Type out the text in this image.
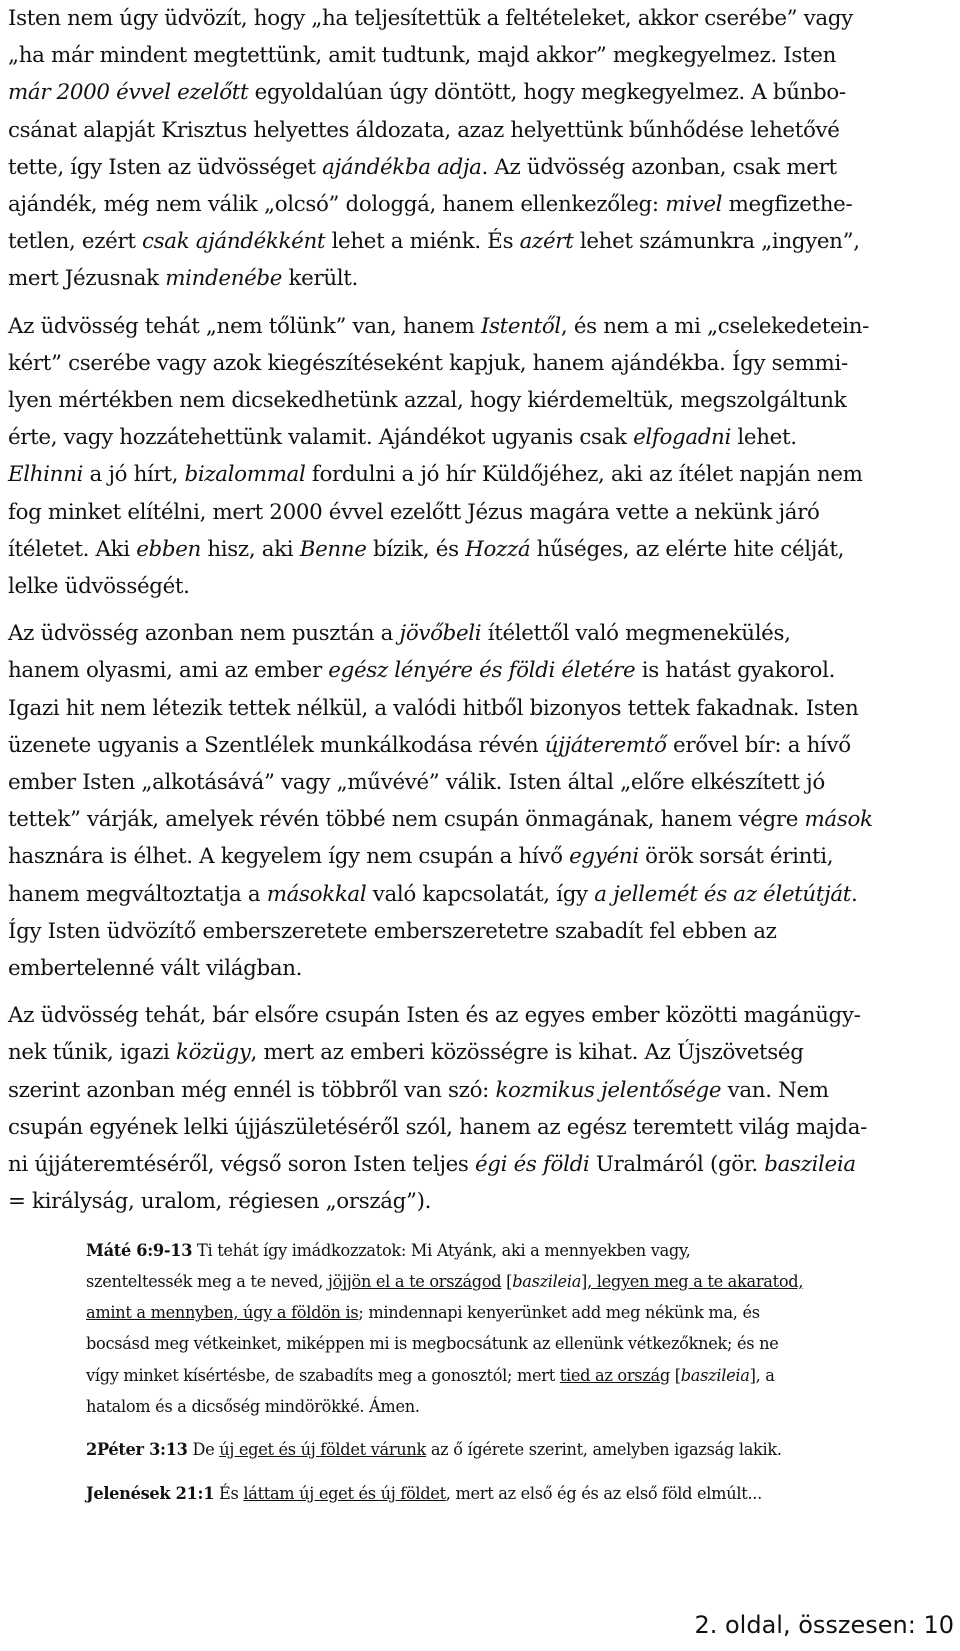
Isten nem úgy üdvözít, hogy „ha teljesítettük a feltételeket, akkor cserébe” vagy
„ha már mindent megtettünk, amit tudtunk, majd akkor” megkegyelmez. Isten
már 2000 évvel ezelőtt egyoldalúan úgy döntött, hogy megkegyelmez. A bűnbo-
csánat alapját Krisztus helyettes áldozata, azaz helyettünk bűnhődése lehetővé
tette, így Isten az üdvösséget ajándékba adja. Az üdvösség azonban, csak mert
ajándék, még nem válik „olcsó” dologgá, hanem ellenkezőleg: mivel megfizethe-
tetlen, ezért csak ajándékként lehet a miénk. És azért lehet számunkra „ingyen”,
mert Jézusnak mindenébe került.

Az üdvösség tehát „nem tőlünk” van, hanem Istentől, és nem a mi „cselekedetein-
kért” cserébe vagy azok kiegészítéseként kapjuk, hanem ajándékba. Így semmi-
lyen mértékben nem dicsekedhetünk azzal, hogy kiérdemeltük, megszolgáltunk
érte, vagy hozzátehettünk valamit. Ajándékot ugyanis csak elfogadni lehet.
Elhinni a jó hírt, bizalommal fordulni a jó hír Küldőjéhez, aki az ítélet napján nem
fog minket elítélni, mert 2000 évvel ezelőtt Jézus magára vette a nekünk járó
ítéletet. Aki ebben hisz, aki Benne bízik, és Hozzá hűséges, az elérte hite célját,
lelke üdvösségét.

Az üdvösség azonban nem pusztán a jövőbeli ítélettől való megmenekülés,
hanem olyasmi, ami az ember egész lényére és földi életére is hatást gyakorol.
Igazi hit nem létezik tettek nélkül, a valódi hitből bizonyos tettek fakadnak. Isten
üzenete ugyanis a Szentlélek munkálkodása révén újjáteremtő erővel bír: a hívő
ember Isten „alkotásává” vagy „művévé” válik. Isten által „előre elkészített jó
tettek” várják, amelyek révén többé nem csupán önmagának, hanem végre mások
hasznára is élhet. A kegyelem így nem csupán a hívő egyéni örök sorsát érinti,
hanem megváltoztatja a másokkal való kapcsolatát, így a jellemét és az életútját.
Így Isten üdvözítő emberszeretete emberszeretetre szabadít fel ebben az
embertelenné vált világban.

Az üdvösség tehát, bár elsőre csupán Isten és az egyes ember közötti magánügy-
nek tűnik, igazi közügy, mert az emberi közösségre is kihat. Az Újszövetség
szerint azonban még ennél is többről van szó: kozmikus jelentősége van. Nem
csupán egyének lelki újjászületéséről szól, hanem az egész teremtett világ majda-
ni újjáteremtéséről, végső soron Isten teljes égi és földi Uralmáról (gör. baszileia
= királyság, uralom, régiesen „ország”).

Máté 6:9-13 Ti tehát így imádkozzatok: Mi Atyánk, aki a mennyekben vagy,
szenteltessék meg a te neved, jöjjön el a te országod [baszileia], legyen meg a te akaratod,
amint a mennyben, úgy a földön is; mindennapi kenyerünket add meg nékünk ma, és
bocsásd meg vétkeinket, miképpen mi is megbocsátunk az ellenünk vétkezőknek; és ne
vígy minket kísértésbe, de szabadíts meg a gonosztól; mert tied az ország [baszileia], a
hatalom és a dicsőség mindörökké. Ámen.

2Péter 3:13 De új eget és új földet várunk az ő ígérete szerint, amelyben igazság lakik.

Jelenések 21:1 És láttam új eget és új földet, mert az első ég és az első föld elmúlt...

2. oldal, összesen: 10
